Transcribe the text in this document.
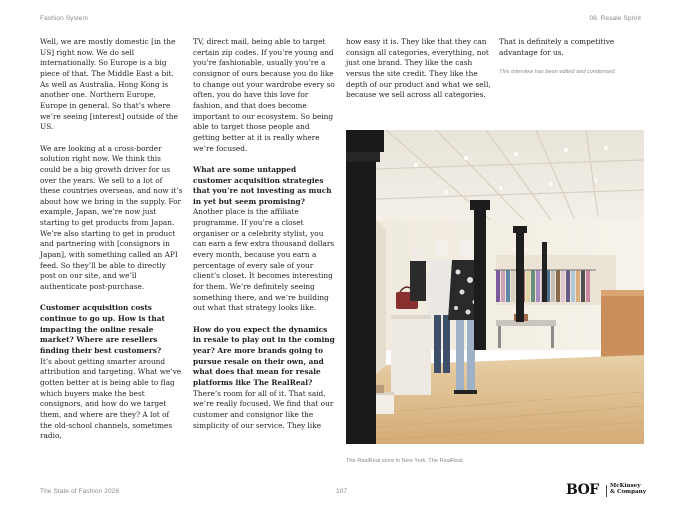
Fashion System	08. Resale Sprint

Well, we are mostly domestic [in the US] right now. We do sell internationally. So Europe is a big piece of that. The Middle East a bit. As well as Australia. Hong Kong is another one. Northern Europe, Europe in general. So that’s where we’re seeing [interest] outside of the US.

We are looking at a cross-border solution right now. We think this could be a big growth driver for us over the years. We sell to a lot of these countries overseas, and now it’s about how we bring in the supply. For example, Japan, we’re now just starting to get products from Japan. We’re also starting to get in product and partnering with [consignors in Japan], with something called an API feed. So they’ll be able to directly post on our site, and we’ll authenticate post-purchase.

Customer acquisition costs continue to go up. How is that impacting the online resale market? Where are resellers finding their best customers?

It’s about getting smarter around attribution and targeting. What we’ve gotten better at is being able to flag which buyers make the best consignors, and how do we target them, and where are they? A lot of the old-school channels, sometimes radio,

TV, direct mail, being able to target certain zip codes. If you’re young and you’re fashionable, usually you’re a consignor of ours because you do like to change out your wardrobe every so often, you do have this love for fashion, and that does become important to our ecosystem. So being able to target those people and getting better at it is really where we’re focused.

What are some untapped customer acquisition strategies that you’re not investing as much in yet but seem promising?

Another place is the affiliate programme. If you’re a closet organiser or a celebrity stylist, you can earn a few extra thousand dollars every month, because you earn a percentage of every sale of your client’s closet. It becomes interesting for them. We’re definitely seeing something there, and we’re building out what that strategy looks like.

How do you expect the dynamics in resale to play out in the coming year? Are more brands going to pursue resale on their own, and what does that mean for resale platforms like The RealReal?

There’s room for all of it. That said, we’re really focused. We find that our customer and consignor like the simplicity of our service. They like

how easy it is. They like that they can consign all categories, everything, not just one brand. They like the cash versus the site credit. They like the depth of our product and what we sell, because we sell across all categories.

That is definitely a competitive advantage for us.

This interview has been edited and condensed.
The RealReal store in New York. The RealReal.
The State of Fashion 2026	107	BOF McKinsey
& Company
